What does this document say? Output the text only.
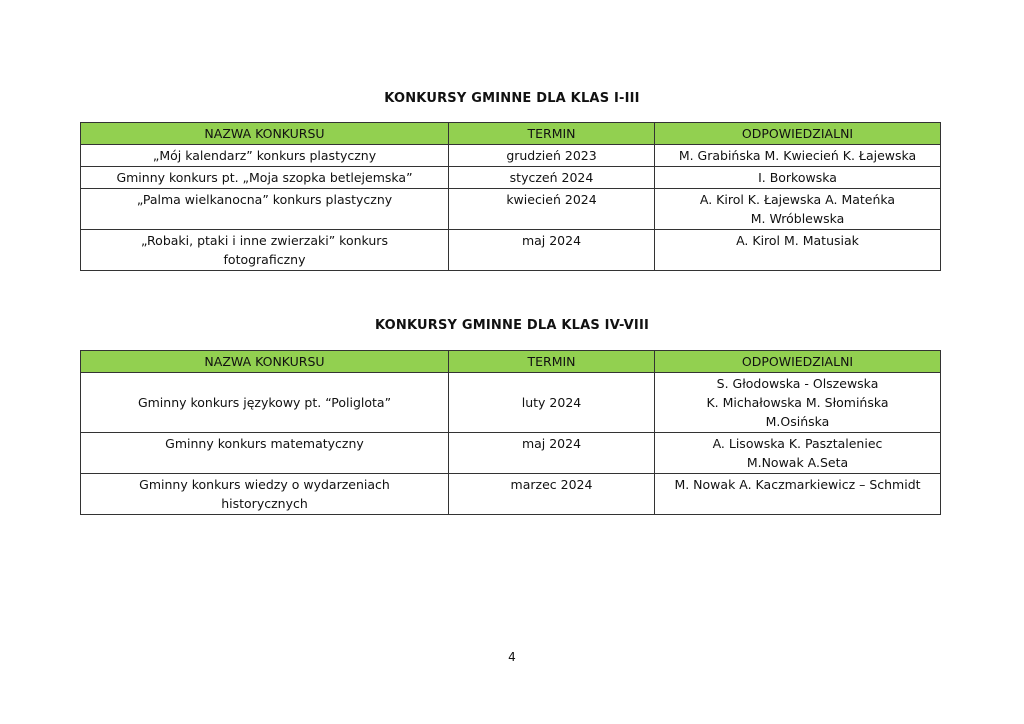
KONKURSY GMINNE DLA KLAS I-III
NAZWA KONKURSU	TERMIN	ODPOWIEDZIALNI

„Mój kalendarz” konkurs plastyczny	grudzień 2023	M. Grabińska M. Kwiecień K. Łajewska

Gminny konkurs pt. „Moja szopka betlejemska”	styczeń 2024	I. Borkowska

„Palma wielkanocna” konkurs plastyczny	kwiecień 2024	A. Kirol K. Łajewska A. Mateńka
M. Wróblewska

„Robaki, ptaki i inne zwierzaki” konkurs
fotograficzny	maj 2024	A. Kirol M. Matusiak
KONKURSY GMINNE DLA KLAS IV-VIII
NAZWA KONKURSU	TERMIN	ODPOWIEDZIALNI

Gminny konkurs językowy pt. “Poliglota”	luty 2024	S. Głodowska - Olszewska
K. Michałowska M. Słomińska
M.Osińska

Gminny konkurs matematyczny	maj 2024	A. Lisowska K. Pasztaleniec
M.Nowak A.Seta

Gminny konkurs wiedzy o wydarzeniach
historycznych	marzec 2024	M. Nowak A. Kaczmarkiewicz – Schmidt
4
